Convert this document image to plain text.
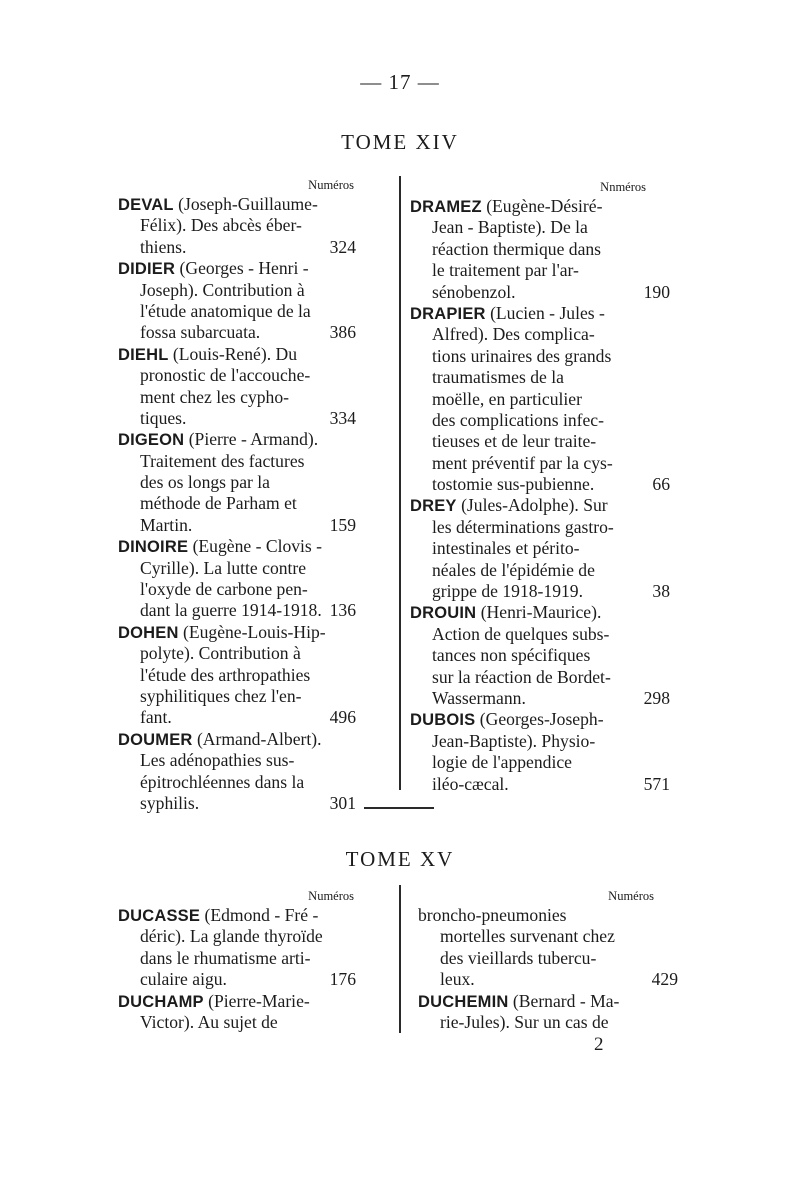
— 17 —
TOME XIV
Numéros
DEVAL (Joseph-Guillaume-
Félix). Des abcès éber-
thiens.	324
DIDIER (Georges - Henri -
Joseph). Contribution à
l'étude anatomique de la
fossa subarcuata.	386
DIEHL (Louis-René). Du
pronostic de l'accouche-
ment chez les cypho-
tiques.	334
DIGEON (Pierre - Armand).
Traitement des factures
des os longs par la
méthode de Parham et
Martin.	159
DINOIRE (Eugène - Clovis -
Cyrille). La lutte contre
l'oxyde de carbone pen-
dant la guerre 1914-1918. 136
DOHEN (Eugène-Louis-Hip-
polyte). Contribution à
l'étude des arthropathies
syphilitiques chez l'en-
fant.	496
DOUMER (Armand-Albert).
Les adénopathies sus-
épitrochléennes dans la
syphilis.	301
Nnméros
DRAMEZ (Eugène-Désiré-
Jean - Baptiste). De la
réaction thermique dans
le traitement par l'ar-
sénobenzol.	190
DRAPIER (Lucien - Jules -
Alfred). Des complica-
tions urinaires des grands
traumatismes de la
moëlle, en particulier
des complications infec-
tieuses et de leur traite-
ment préventif par la cys-
tostomie sus-pubienne.	66
DREY (Jules-Adolphe). Sur
les déterminations gastro-
intestinales et périto-
néales de l'épidémie de
grippe de 1918-1919.	38
DROUIN (Henri-Maurice).
Action de quelques subs-
tances non spécifiques
sur la réaction de Bordet-
Wassermann.	298
DUBOIS (Georges-Joseph-
Jean-Baptiste). Physio-
logie de l'appendice
iléo-cæcal.	571
TOME XV
Numéros
DUCASSE (Edmond - Fré -
déric). La glande thyroïde
dans le rhumatisme arti-
culaire aigu.	176
DUCHAMP (Pierre-Marie-
Victor). Au sujet de
Numéros
broncho-pneumonies
mortelles survenant chez
des vieillards tubercu-
leux.	429
DUCHEMIN (Bernard - Ma-
rie-Jules). Sur un cas de
2
